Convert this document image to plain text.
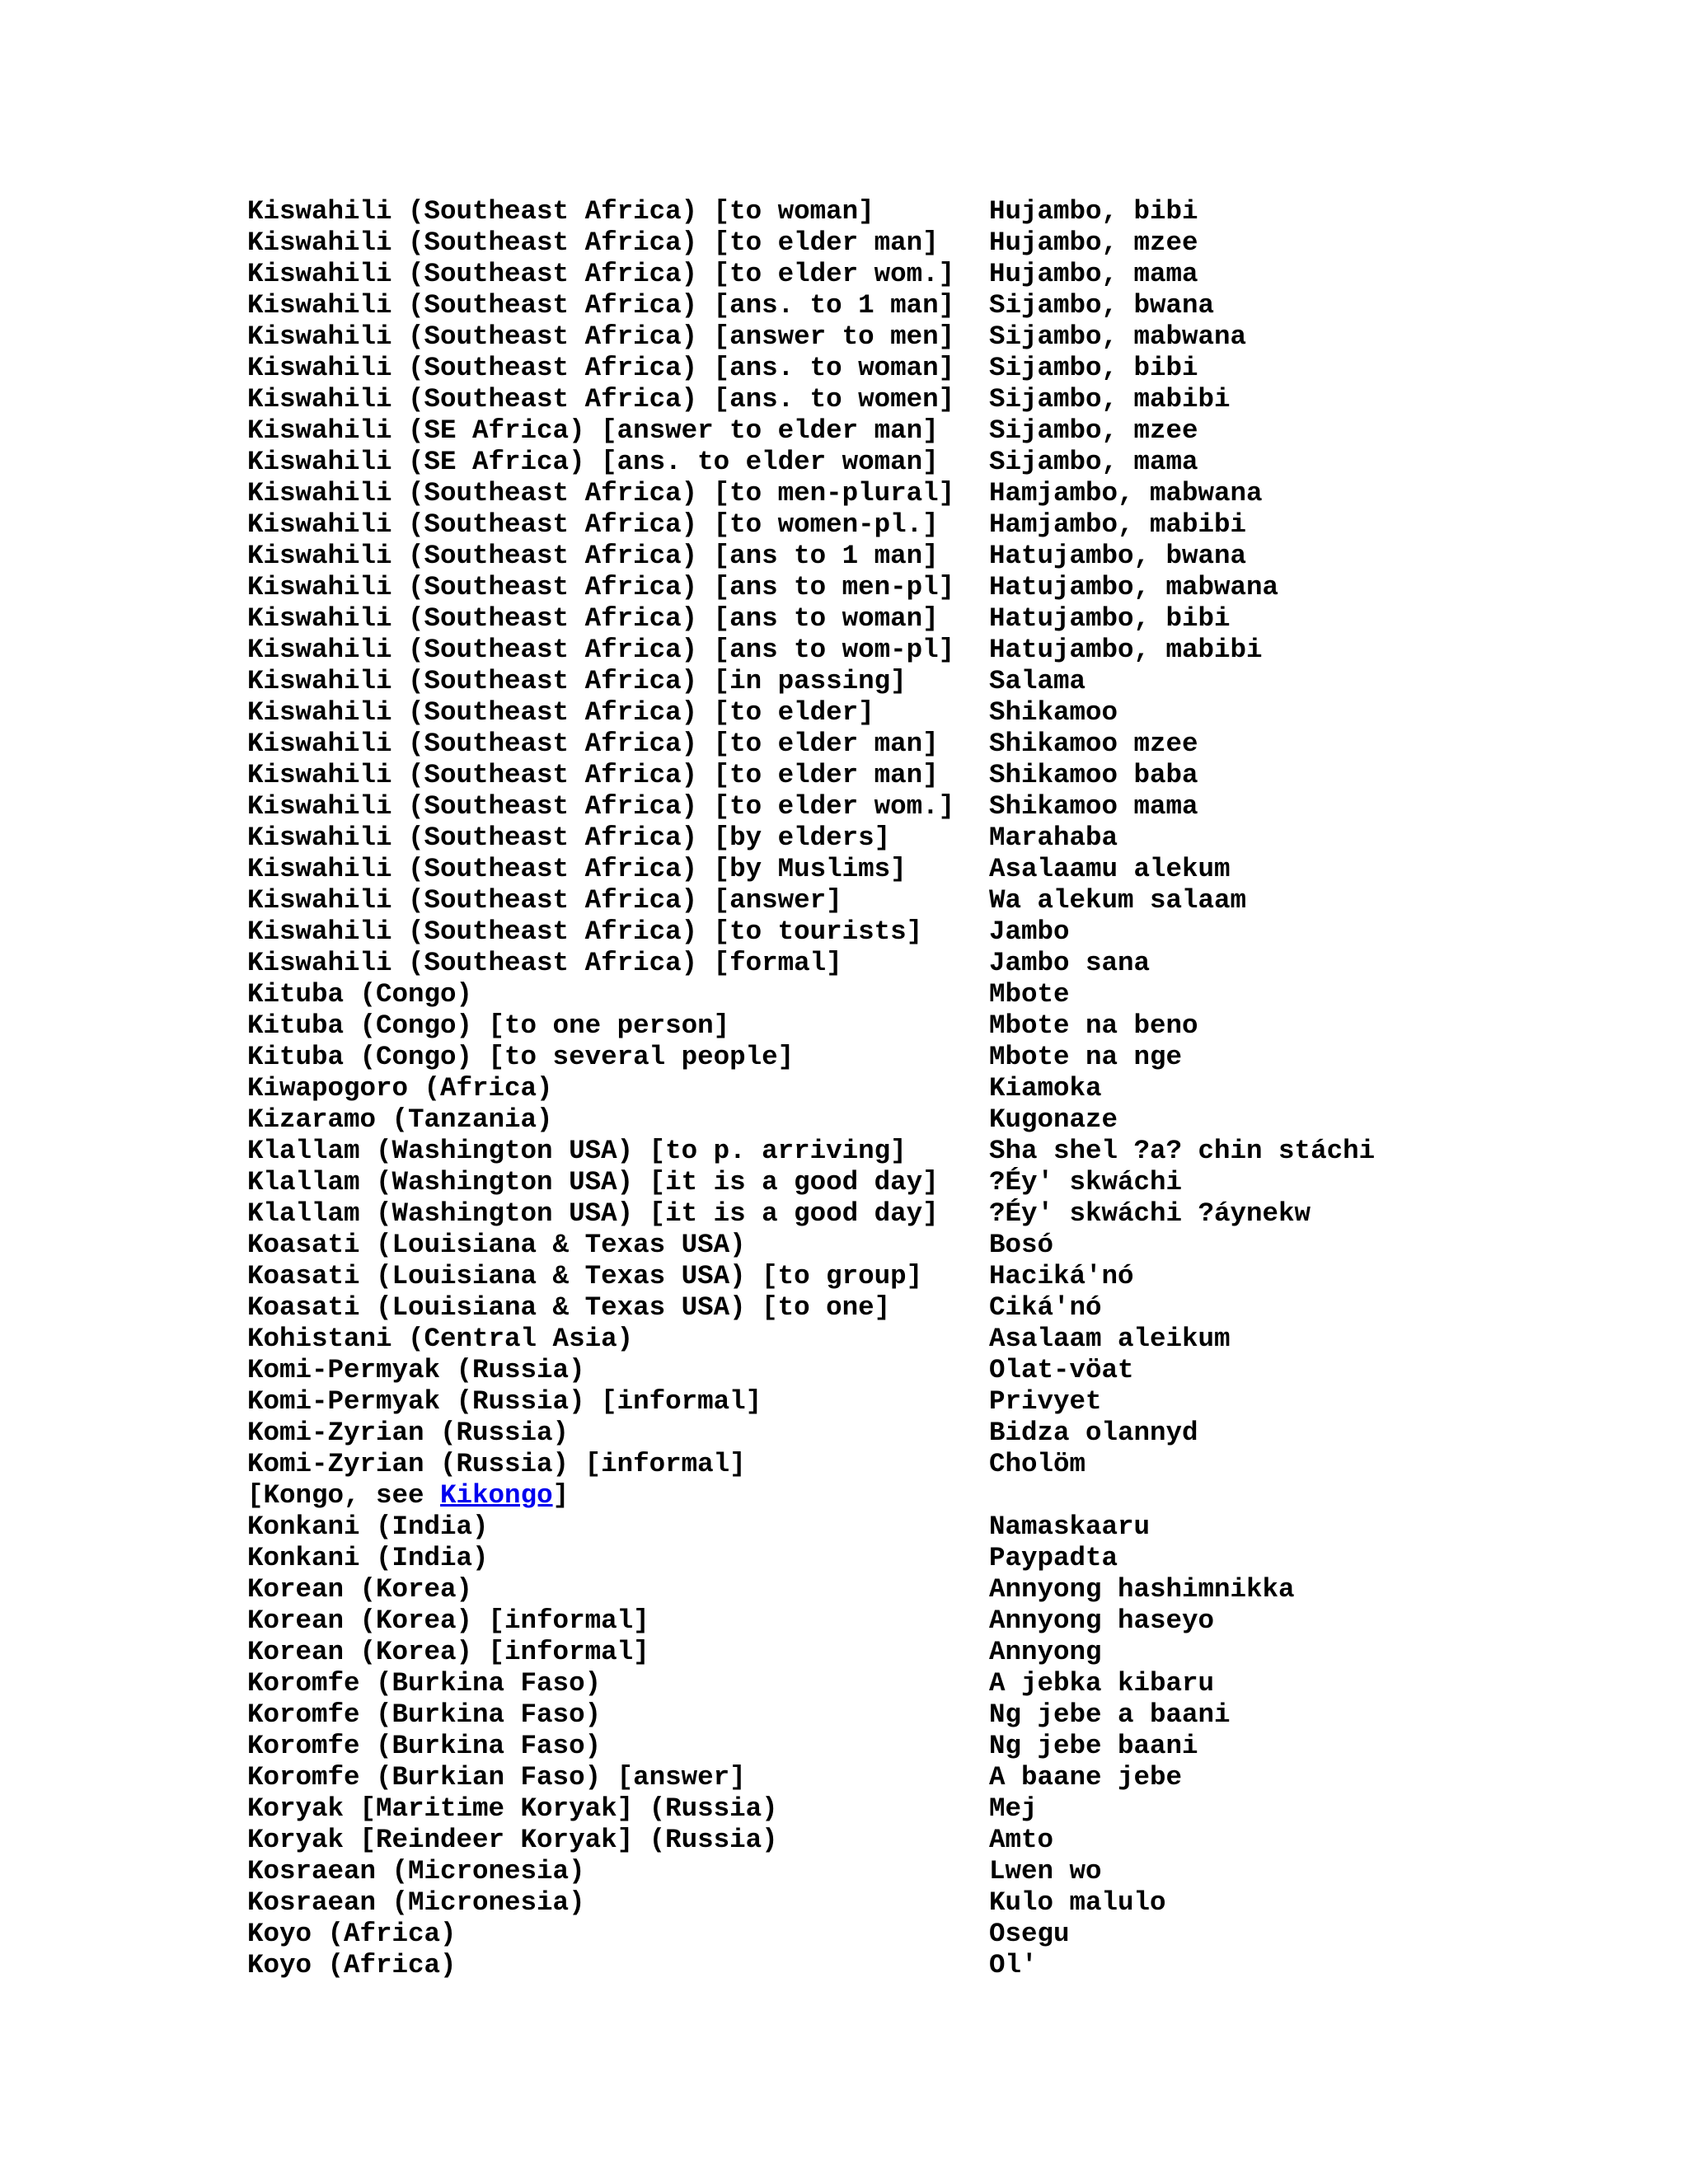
Kiswahili (Southeast Africa) [to woman]	Hujambo, bibi
Kiswahili (Southeast Africa) [to elder man] Hujambo, mzee
Kiswahili (Southeast Africa) [to elder wom.] Hujambo, mama
Kiswahili (Southeast Africa) [ans. to 1 man] Sijambo, bwana
Kiswahili (Southeast Africa) [answer to men] Sijambo, mabwana
Kiswahili (Southeast Africa) [ans. to woman] Sijambo, bibi
Kiswahili (Southeast Africa) [ans. to women] Sijambo, mabibi
Kiswahili (SE Africa) [answer to elder man] Sijambo, mzee
Kiswahili (SE Africa) [ans. to elder woman] Sijambo, mama
Kiswahili (Southeast Africa) [to men-plural] Hamjambo, mabwana
Kiswahili (Southeast Africa) [to women-pl.] Hamjambo, mabibi
Kiswahili (Southeast Africa) [ans to 1 man] Hatujambo, bwana
Kiswahili (Southeast Africa) [ans to men-pl] Hatujambo, mabwana
Kiswahili (Southeast Africa) [ans to woman] Hatujambo, bibi
Kiswahili (Southeast Africa) [ans to wom-pl] Hatujambo, mabibi
Kiswahili (Southeast Africa) [in passing]	Salama
Kiswahili (Southeast Africa) [to elder]	Shikamoo
Kiswahili (Southeast Africa) [to elder man] Shikamoo mzee
Kiswahili (Southeast Africa) [to elder man] Shikamoo baba
Kiswahili (Southeast Africa) [to elder wom.] Shikamoo mama
Kiswahili (Southeast Africa) [by elders]	Marahaba
Kiswahili (Southeast Africa) [by Muslims]	Asalaamu alekum
Kiswahili (Southeast Africa) [answer]	Wa alekum salaam
Kiswahili (Southeast Africa) [to tourists] Jambo
Kiswahili (Southeast Africa) [formal]	Jambo sana
Kituba (Congo)	Mbote
Kituba (Congo) [to one person]	Mbote na beno
Kituba (Congo) [to several people]	Mbote na nge
Kiwapogoro (Africa)	Kiamoka
Kizaramo (Tanzania)	Kugonaze
Klallam (Washington USA) [to p. arriving]	Sha shel ?a? chin stáchi
Klallam (Washington USA) [it is a good day] ?Éy' skwáchi
Klallam (Washington USA) [it is a good day] ?Éy' skwáchi ?áynekw
Koasati (Louisiana & Texas USA)	Bosó
Koasati (Louisiana & Texas USA) [to group] Haciká'nó
Koasati (Louisiana & Texas USA) [to one]	Ciká'nó
Kohistani (Central Asia)	Asalaam aleikum
Komi-Permyak (Russia)	Olat-vöat
Komi-Permyak (Russia) [informal]	Privyet
Komi-Zyrian (Russia)	Bidza olannyd
Komi-Zyrian (Russia) [informal]	Cholöm
[Kongo, see Kikongo]
Konkani (India)	Namaskaaru
Konkani (India)	Paypadta
Korean (Korea)	Annyong hashimnikka
Korean (Korea) [informal]	Annyong haseyo
Korean (Korea) [informal]	Annyong
Koromfe (Burkina Faso)	A jebka kibaru
Koromfe (Burkina Faso)	Ng jebe a baani
Koromfe (Burkina Faso)	Ng jebe baani
Koromfe (Burkian Faso) [answer]	A baane jebe
Koryak [Maritime Koryak] (Russia)	Mej
Koryak [Reindeer Koryak] (Russia)	Amto
Kosraean (Micronesia)	Lwen wo
Kosraean (Micronesia)	Kulo malulo
Koyo (Africa)	Osegu
Koyo (Africa)	Ol'
